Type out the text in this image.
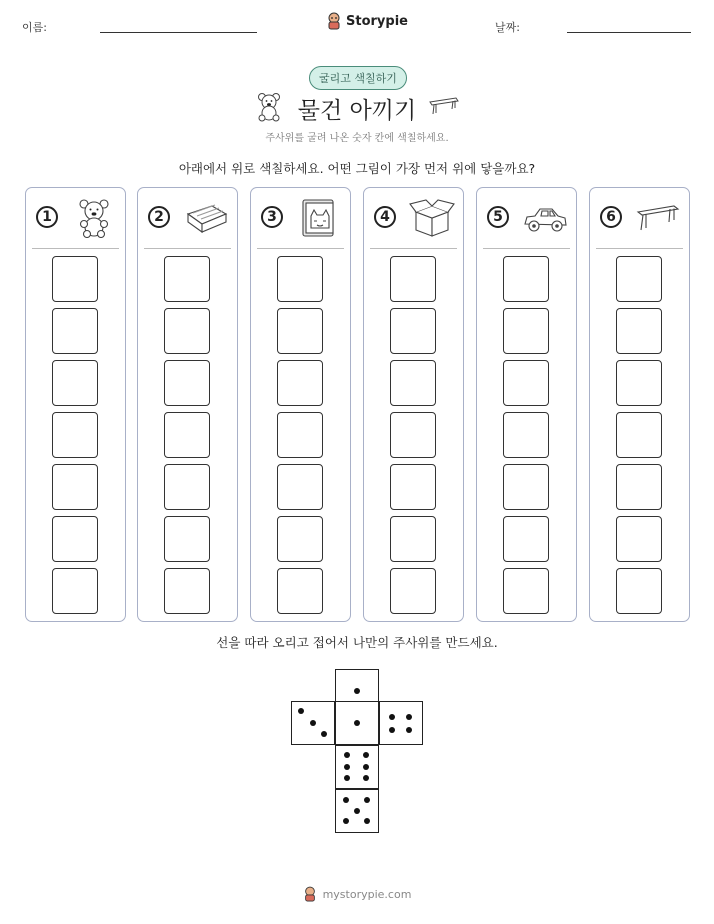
이름:	Storypie	날짜:
굴리고 색칠하기
물건 아끼기
주사위를 굴려 나온 숫자 칸에 색칠하세요.
아래에서 위로 색칠하세요. 어떤 그림이 가장 먼저 위에 닿을까요?
1	2	3	4	5	6
선을 따라 오리고 접어서 나만의 주사위를 만드세요.
mystorypie.com
